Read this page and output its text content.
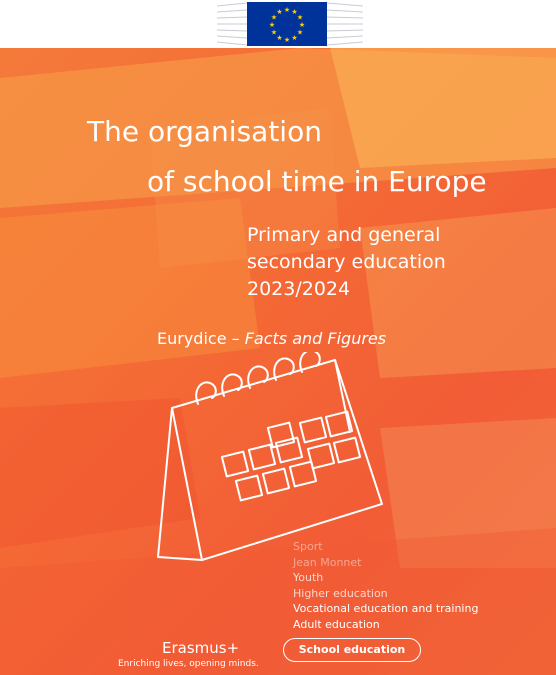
★ ★
★
★
★
★
★
★
★
★
★
★
The organisation
of school time in Europe
Primary and general
secondary education
2023/2024
Eurydice – Facts and Figures
Sport
Jean Monnet
Youth
Higher education
Vocational education and training
Adult education
Erasmus+
Enriching lives, opening minds.
School education
